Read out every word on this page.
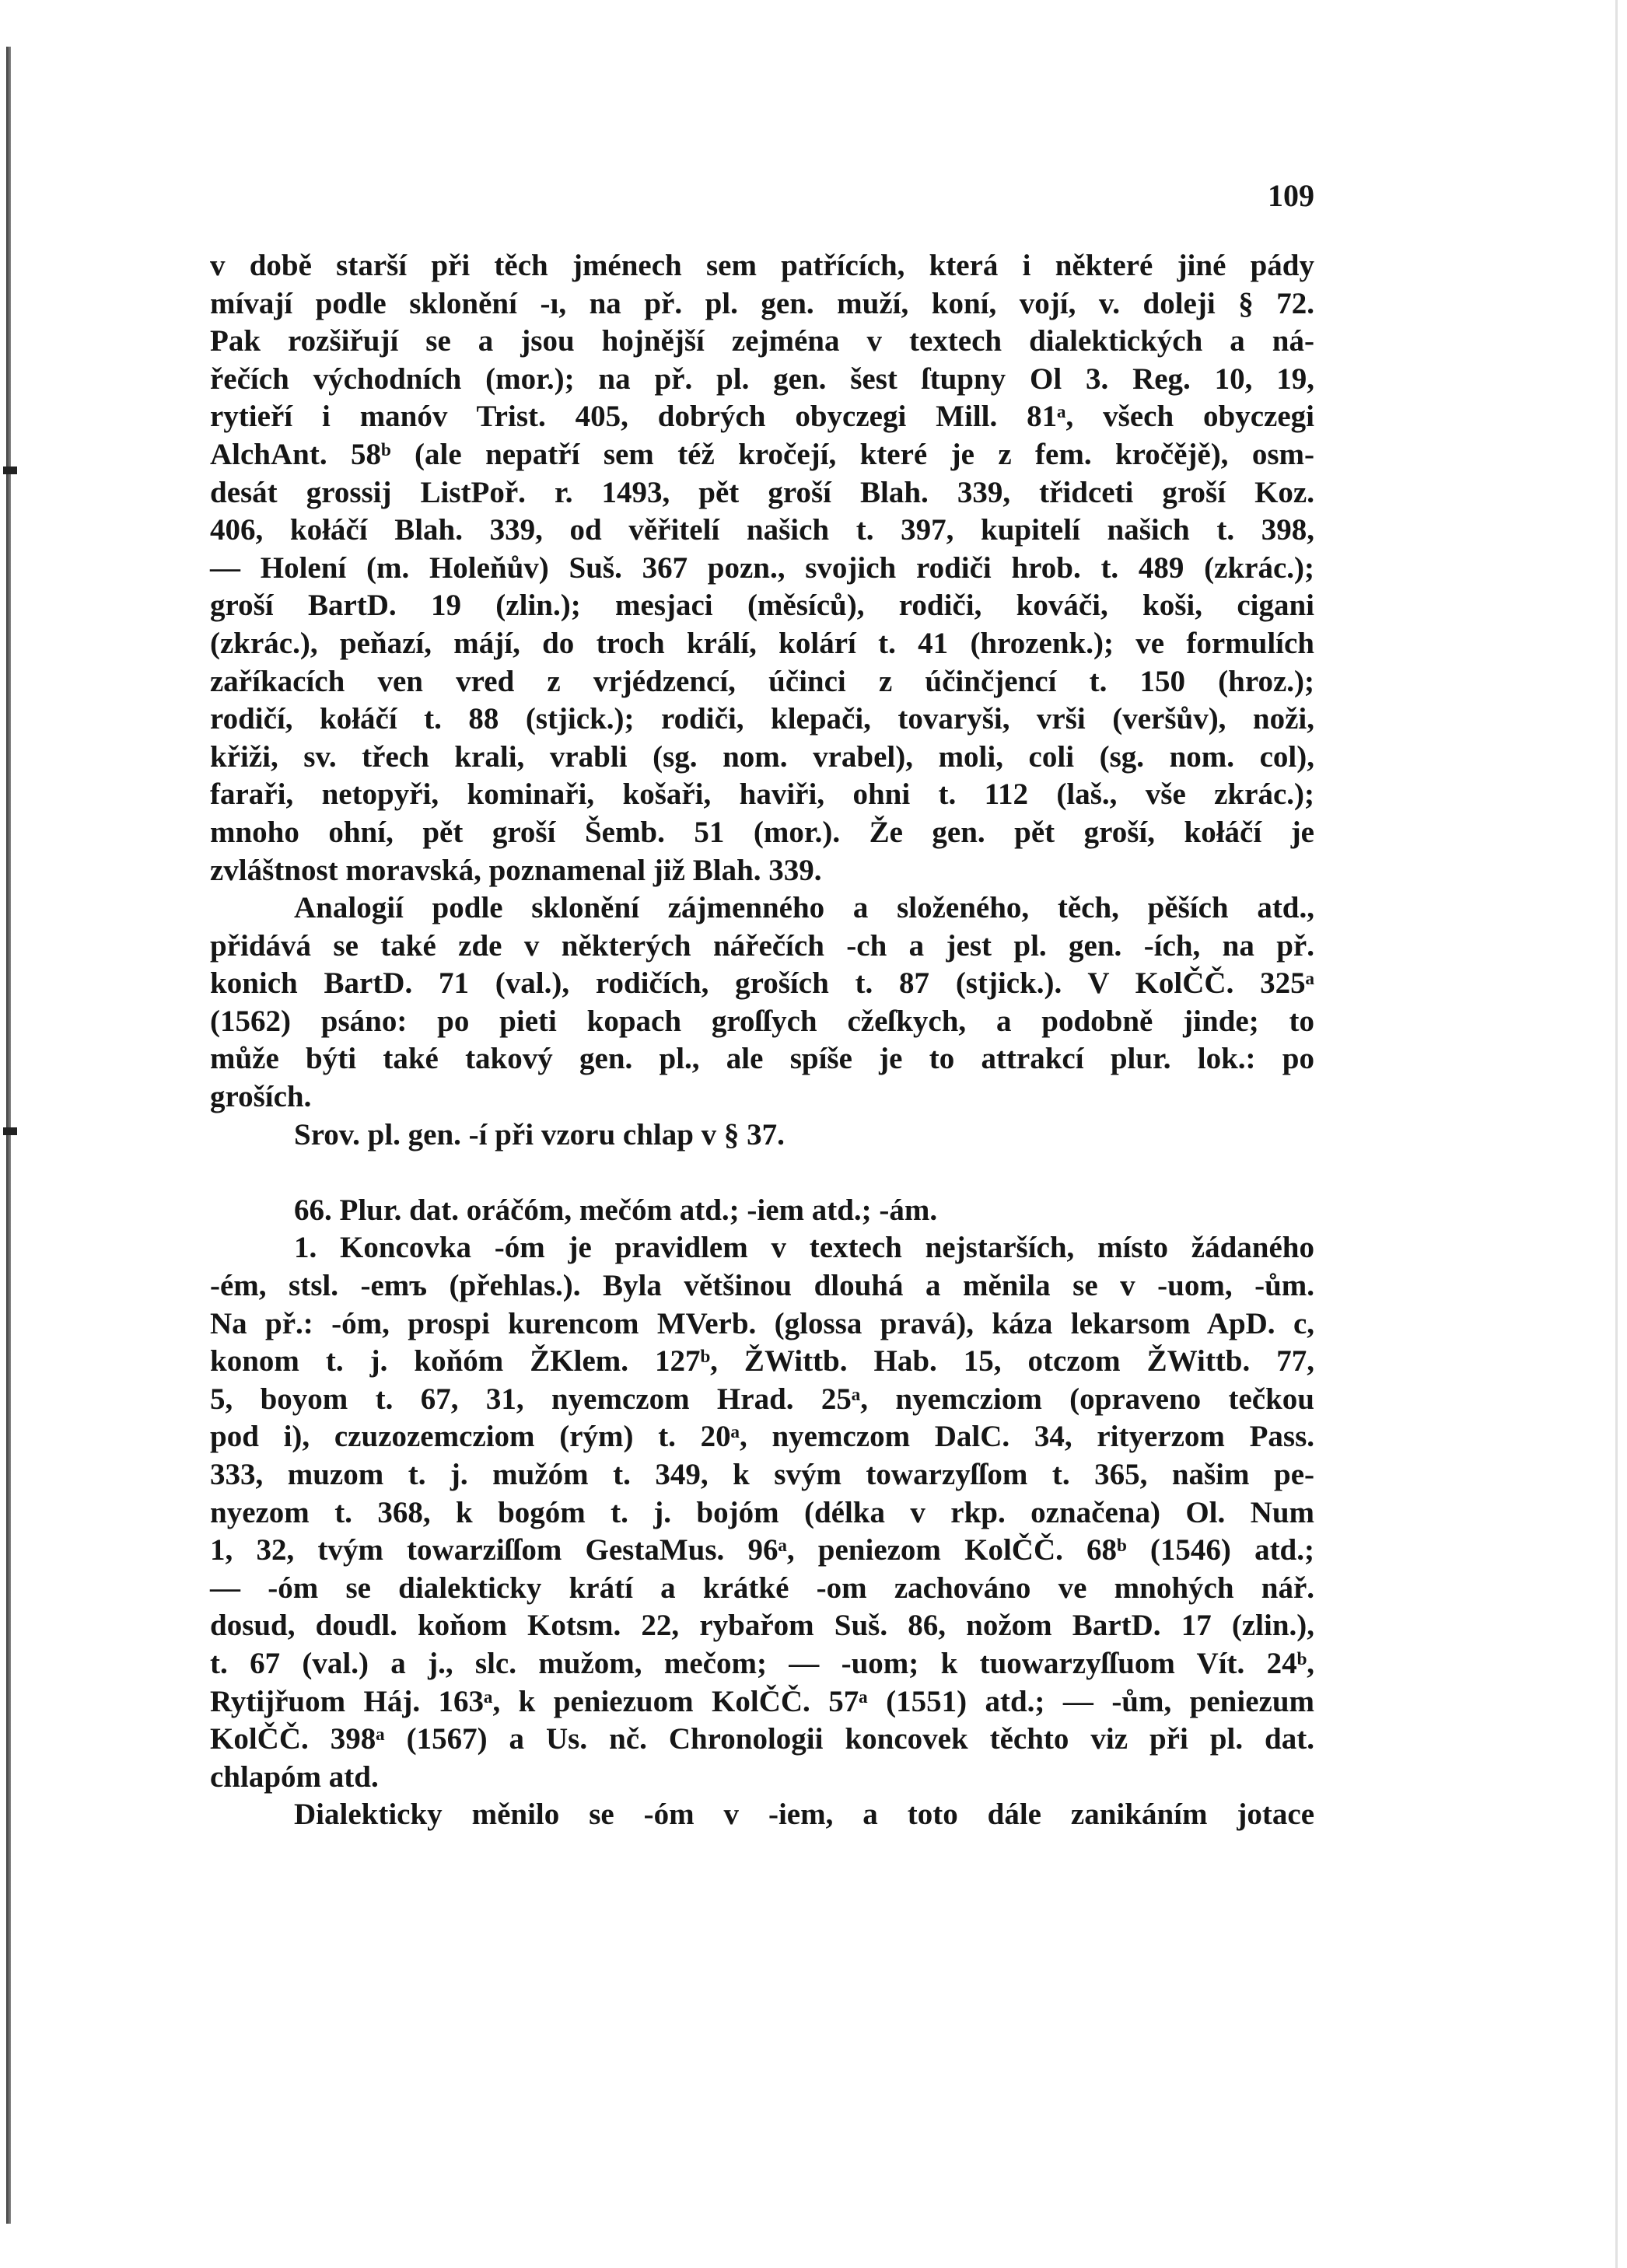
109
v době starší při těch jménech sem patřících, která i některé jiné pády
mívají podle sklonění -ı, na př. pl. gen. muží, koní, vojí, v. doleji § 72.
Pak rozšiřují se a jsou hojnější zejména v textech dialektických a ná-
řečích východních (mor.); na př. pl. gen. šest ſtupny Ol 3. Reg. 10, 19,
rytieří i manóv Trist. 405, dobrých obyczegi Mill. 81ᵃ, všech obyczegi
AlchAnt. 58ᵇ (ale nepatří sem též kročejí, které je z fem. kročějě), osm-
desát grossij ListPoř. r. 1493, pět groší Blah. 339, třidceti groší Koz.
406, kołáčí Blah. 339, od věřitelí našich t. 397, kupitelí našich t. 398,
— Holení (m. Holeňův) Suš. 367 pozn., svojich rodiči hrob. t. 489 (zkrác.);
groší BartD. 19 (zlin.); mesjaci (měsíců), rodiči, kováči, koši, cigani
(zkrác.), peňazí, májí, do troch králí, kolárí t. 41 (hrozenk.); ve formulích
zaříkacích ven vred z vrjédzencí, účinci z účinčjencí t. 150 (hroz.);
rodičí, kołáčí t. 88 (stjick.); rodiči, klepači, tovaryši, vrši (veršův), noži,
křiži, sv. třech krali, vrabli (sg. nom. vrabel), moli, coli (sg. nom. col),
faraři, netopyři, kominaři, košaři, haviři, ohni t. 112 (laš., vše zkrác.);
mnoho ohní, pět groší Šemb. 51 (mor.). Že gen. pět groší, kołáčí je
zvláštnost moravská, poznamenal již Blah. 339.
Analogií podle sklonění zájmenného a složeného, těch, pěších atd.,
přidává se také zde v některých nářečích -ch a jest pl. gen. -ích, na př.
konich BartD. 71 (val.), rodičích, groších t. 87 (stjick.). V KolČČ. 325ᵃ
(1562) psáno: po pieti kopach groſſych cžeſkych, a podobně jinde; to
může býti také takový gen. pl., ale spíše je to attrakcí plur. lok.: po
groších.
Srov. pl. gen. -í při vzoru chlap v § 37.
66. Plur. dat. oráčóm, mečóm atd.; -iem atd.; -ám.
1. Koncovka -óm je pravidlem v textech nejstarších, místo žádaného
-ém, stsl. -emъ (přehlas.). Byla většinou dlouhá a měnila se v -uom, -ům.
Na př.: -óm, prospi kurencom MVerb. (glossa pravá), káza lekarsom ApD. c,
konom t. j. koňóm ŽKlem. 127ᵇ, ŽWittb. Hab. 15, otczom ŽWittb. 77,
5, boyom t. 67, 31, nyemczom Hrad. 25ᵃ, nyemcziom (opraveno tečkou
pod i), czuzozemcziom (rým) t. 20ᵃ, nyemczom DalC. 34, rityerzom Pass.
333, muzom t. j. mužóm t. 349, k svým towarzyſſom t. 365, našim pe-
nyezom t. 368, k bogóm t. j. bojóm (délka v rkp. označena) Ol. Num
1, 32, tvým towarziſſom GestaMus. 96ᵃ, peniezom KolČČ. 68ᵇ (1546) atd.;
— -óm se dialekticky krátí a krátké -om zachováno ve mnohých nář.
dosud, doudl. koňom Kotsm. 22, rybařom Suš. 86, nožom BartD. 17 (zlin.),
t. 67 (val.) a j., slc. mužom, mečom; — -uom; k tuowarzyſſuom Vít. 24ᵇ,
Rytijřuom Háj. 163ᵃ, k peniezuom KolČČ. 57ᵃ (1551) atd.; — -ům, peniezum
KolČČ. 398ᵃ (1567) a Us. nč. Chronologii koncovek těchto viz při pl. dat.
chlapóm atd.
Dialekticky měnilo se -óm v -iem, a toto dále zanikáním jotace
